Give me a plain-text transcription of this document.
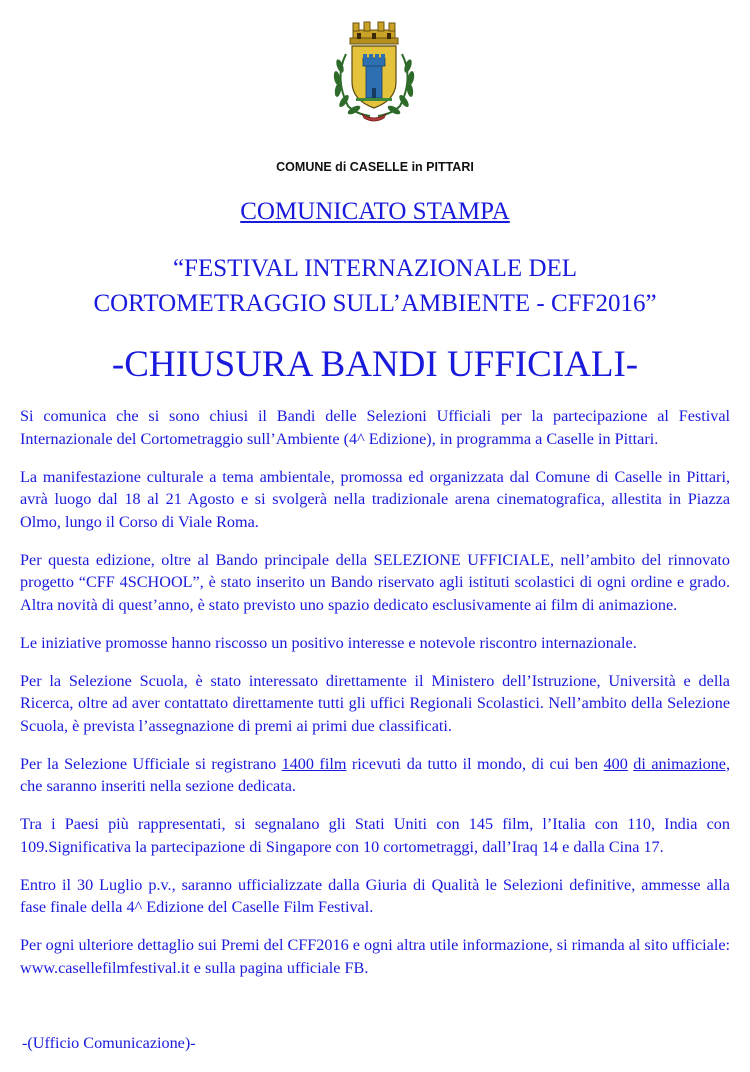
COMUNE di CASELLE in PITTARI
COMUNICATO STAMPA
“FESTIVAL INTERNAZIONALE DEL
CORTOMETRAGGIO SULL’AMBIENTE - CFF2016”
-CHIUSURA BANDI UFFICIALI-

Si comunica che si sono chiusi il Bandi delle Selezioni Ufficiali per la partecipazione al Festival Internazionale del Cortometraggio sull’Ambiente (4^ Edizione), in programma a Caselle in Pittari.

La manifestazione culturale a tema ambientale, promossa ed organizzata dal Comune di Caselle in Pittari, avrà luogo dal 18 al 21 Agosto e si svolgerà nella tradizionale arena cinematografica, allestita in Piazza Olmo, lungo il Corso di Viale Roma.

Per questa edizione, oltre al Bando principale della SELEZIONE UFFICIALE, nell’ambito del rinnovato progetto “CFF 4SCHOOL”, è stato inserito un Bando riservato agli istituti scolastici di ogni ordine e grado. Altra novità di quest’anno, è stato previsto uno spazio dedicato esclusivamente ai film di animazione.

Le iniziative promosse hanno riscosso un positivo interesse e notevole riscontro internazionale.

Per la Selezione Scuola, è stato interessato direttamente il Ministero dell’Istruzione, Università e della Ricerca, oltre ad aver contattato direttamente tutti gli uffici Regionali Scolastici. Nell’ambito della Selezione Scuola, è prevista l’assegnazione di premi ai primi due classificati.

Per la Selezione Ufficiale si registrano 1400 film ricevuti da tutto il mondo, di cui ben 400 di animazione, che saranno inseriti nella sezione dedicata.

Tra i Paesi più rappresentati, si segnalano gli Stati Uniti con 145 film, l’Italia con 110, India con 109.Significativa la partecipazione di Singapore con 10 cortometraggi, dall’Iraq 14 e dalla Cina 17.

Entro il 30 Luglio p.v., saranno ufficializzate dalla Giuria di Qualità le Selezioni definitive, ammesse alla fase finale della 4^ Edizione del Caselle Film Festival.

Per ogni ulteriore dettaglio sui Premi del CFF2016 e ogni altra utile informazione, si rimanda al sito ufficiale: www.casellefilmfestival.it e sulla pagina ufficiale FB.

-(Ufficio Comunicazione)-
